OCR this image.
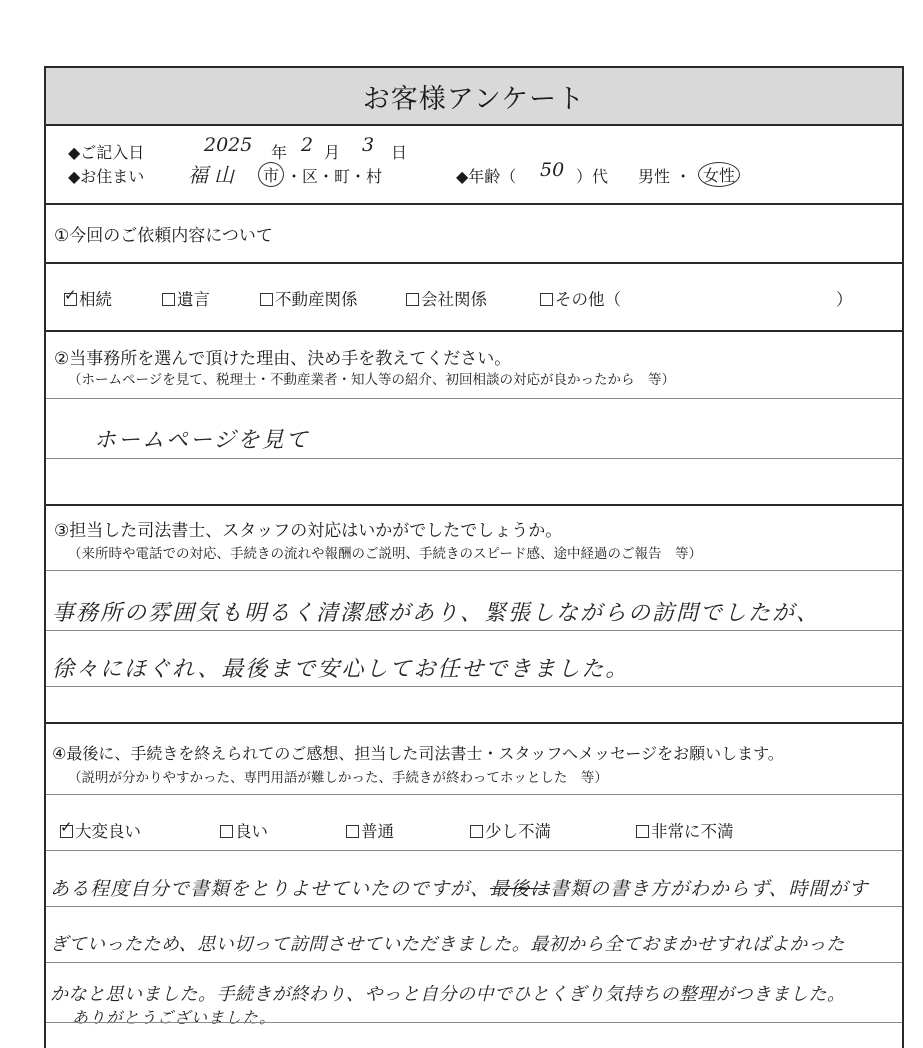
お客様アンケート
◆ご記入日	2025 年 2 月 3 日
◆お住まい 福山	市 ・区・町・村	◆年齢（ 50 ）代 男性 ・ 女性
①今回のご依頼内容について
✓相続	遺言	不動産関係	会社関係	その他（	）
②当事務所を選んで頂けた理由、決め手を教えてください。
（ホームページを見て、税理士・不動産業者・知人等の紹介、初回相談の対応が良かったから　等）
ホームページを見て
③担当した司法書士、スタッフの対応はいかがでしたでしょうか。
（来所時や電話での対応、手続きの流れや報酬のご説明、手続きのスピード感、途中経過のご報告　等）
事務所の雰囲気も明るく清潔感があり、緊張しながらの訪問でしたが、
徐々にほぐれ、最後まで安心してお任せできました。
④最後に、手続きを終えられてのご感想、担当した司法書士・スタッフへメッセージをお願いします。
（説明が分かりやすかった、専門用語が難しかった、手続きが終わってホッとした　等）
✓大変良い	良い	普通	少し不満	非常に不満
ある程度自分で書類をとりよせていたのですが、最後は書類の書き方がわからず、時間がす
ぎていったため、思い切って訪問させていただきました。最初から全ておまかせすればよかった
かなと思いました。手続きが終わり、やっと自分の中でひとくぎり気持ちの整理がつきました。
ありがとうございました。
